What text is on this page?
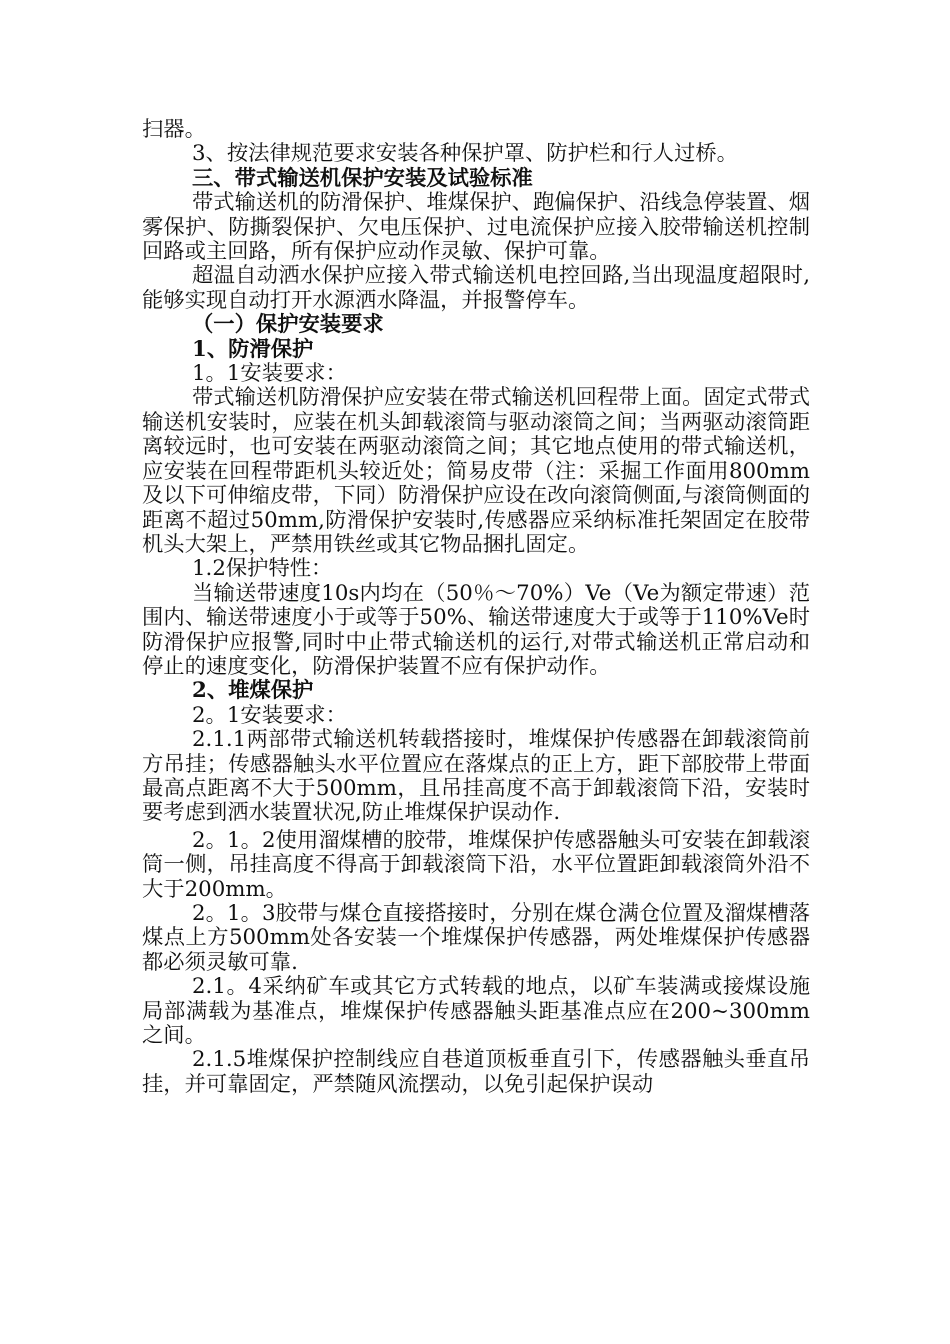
扫器。

3、按法律规范要求安装各种保护罩、防护栏和行人过桥。

三、带式输送机保护安装及试验标准

带式输送机的防滑保护、堆煤保护、跑偏保护、沿线急停装置、烟雾保护、防撕裂保护、欠电压保护、过电流保护应接入胶带输送机控制回路或主回路，所有保护应动作灵敏、保护可靠。

超温自动洒水保护应接入带式输送机电控回路,当出现温度超限时,能够实现自动打开水源洒水降温，并报警停车。

（一）保护安装要求

1、防滑保护

1。1安装要求：

带式输送机防滑保护应安装在带式输送机回程带上面。固定式带式输送机安装时，应装在机头卸载滚筒与驱动滚筒之间；当两驱动滚筒距离较远时，也可安装在两驱动滚筒之间；其它地点使用的带式输送机，应安装在回程带距机头较近处；简易皮带（注：采掘工作面用800mm及以下可伸缩皮带，下同）防滑保护应设在改向滚筒侧面,与滚筒侧面的距离不超过50mm,防滑保护安装时,传感器应采纳标准托架固定在胶带机头大架上，严禁用铁丝或其它物品捆扎固定。

1.2保护特性：

当输送带速度10s内均在（50％～70%）Ve（Ve为额定带速）范围内、输送带速度小于或等于50%、输送带速度大于或等于110%Ve时防滑保护应报警,同时中止带式输送机的运行,对带式输送机正常启动和停止的速度变化，防滑保护装置不应有保护动作。

2、堆煤保护

2。1安装要求：

2.1.1两部带式输送机转载搭接时，堆煤保护传感器在卸载滚筒前方吊挂；传感器触头水平位置应在落煤点的正上方，距下部胶带上带面最高点距离不大于500mm，且吊挂高度不高于卸载滚筒下沿，安装时要考虑到洒水装置状况,防止堆煤保护误动作.

2。1。2使用溜煤槽的胶带，堆煤保护传感器触头可安装在卸载滚筒一侧，吊挂高度不得高于卸载滚筒下沿，水平位置距卸载滚筒外沿不大于200mm。

2。1。3胶带与煤仓直接搭接时，分别在煤仓满仓位置及溜煤槽落煤点上方500mm处各安装一个堆煤保护传感器，两处堆煤保护传感器都必须灵敏可靠.

2.1。4采纳矿车或其它方式转载的地点，以矿车装满或接煤设施局部满载为基准点，堆煤保护传感器触头距基准点应在200~300mm之间。

2.1.5堆煤保护控制线应自巷道顶板垂直引下，传感器触头垂直吊挂，并可靠固定，严禁随风流摆动，以免引起保护误动
